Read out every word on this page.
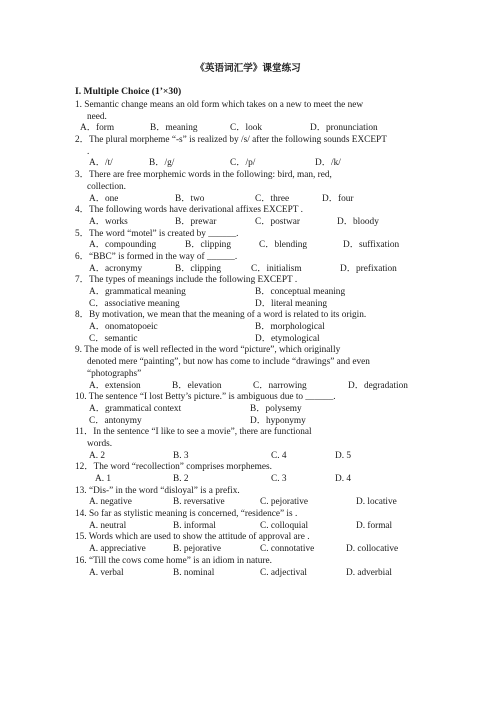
《英语词汇学》课堂练习
I. Multiple Choice (1’×30)
1. Semantic change means an old form which takes on a new to meet the new
need.
A．form	B．meaning	C．look	D．pronunciation
2．The plural morpheme “-s” is realized by /s/ after the following sounds EXCEPT
.
A．/t/	B．/g/	C．/p/	D．/k/
3．There are free morphemic words in the following: bird, man, red,
collection.
A．one	B．two	C．three	D．four
4．The following words have derivational affixes EXCEPT .
A．works	B．prewar	C．postwar	D．bloody
5．The word “motel” is created by ______.
A．compounding	B．clipping	C．blending	D．suffixation
6．“BBC” is formed in the way of ______.
A．acronymy	B．clipping	C．initialism	D．prefixation
7．The types of meanings include the following EXCEPT .
A．grammatical meaning	B．conceptual meaning
C．associative meaning	D．literal meaning
8．By motivation, we mean that the meaning of a word is related to its origin.
A．onomatopoeic	B．morphological
C．semantic	D．etymological
9. The mode of is well reflected in the word “picture”, which originally
denoted mere “painting”, but now has come to include “drawings” and even
“photographs”
A．extension	B．elevation	C．narrowing	D．degradation
10. The sentence “I lost Betty’s picture.” is ambiguous due to ______.
A．grammatical context	B．polysemy
C．antonymy	D．hyponymy
11．In the sentence “I like to see a movie”, there are functional
words.
A. 2	B. 3	C. 4	D. 5
12．The word “recollection” comprises morphemes.
A. 1	B. 2	C. 3	D. 4
13. “Dis-” in the word “disloyal” is a prefix.
A. negative	B. reversative	C. pejorative	D. locative
14. So far as stylistic meaning is concerned, “residence” is .
A. neutral	B. informal	C. colloquial	D. formal
15. Words which are used to show the attitude of approval are .
A. appreciative	B. pejorative	C. connotative	D. collocative
16. “Till the cows come home” is an idiom in nature.
A. verbal	B. nominal	C. adjectival	D. adverbial
